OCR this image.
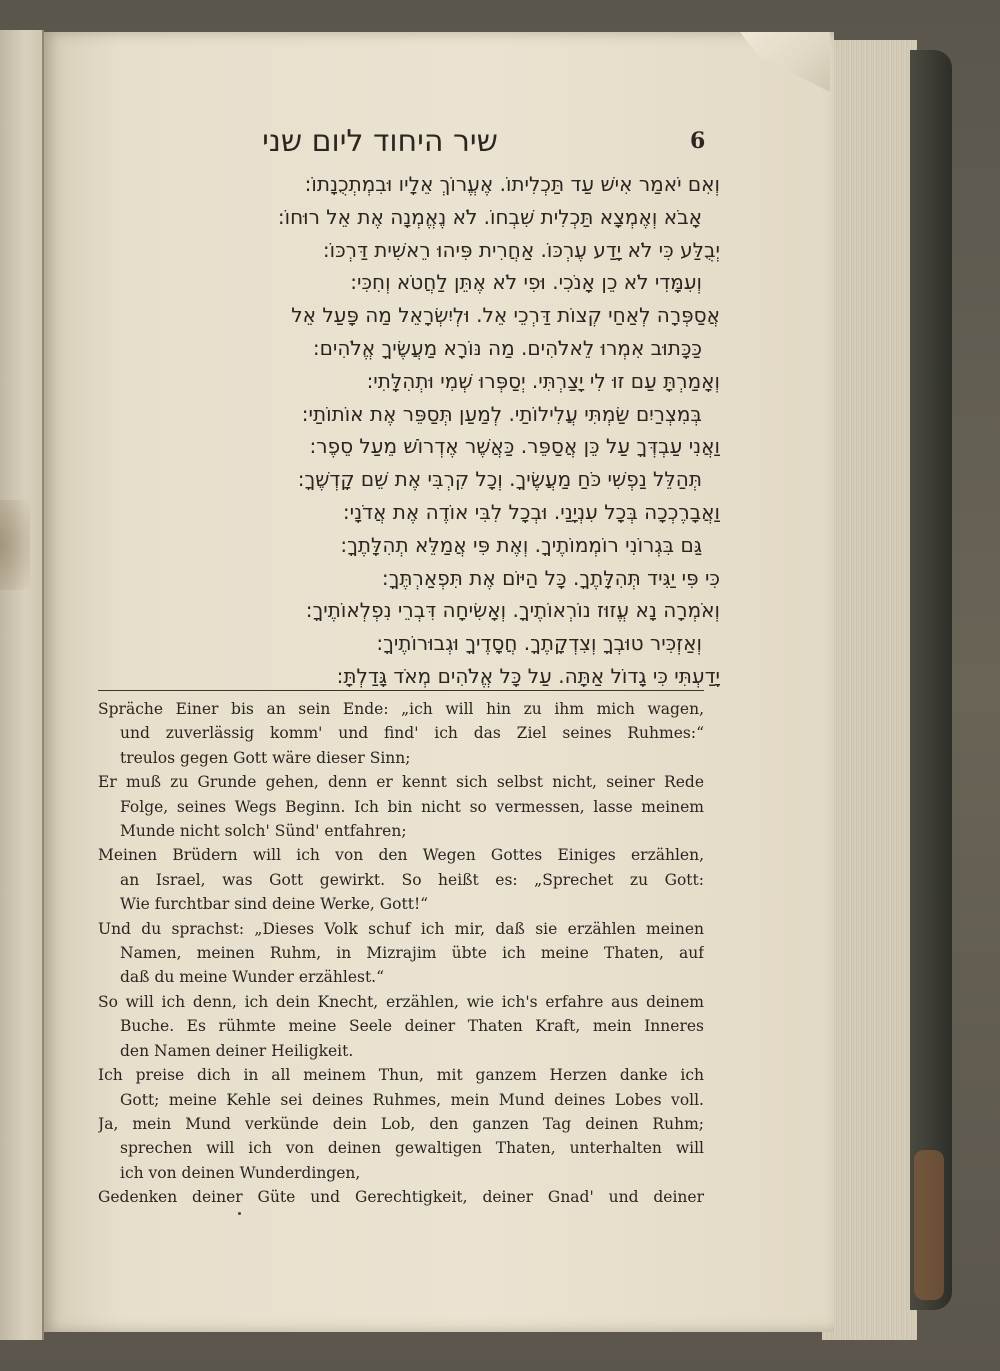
שיר היחוד ליום שני	6
וְאִם יֹאמַר אִישׁ עַד תַּכְלִיתוֹ. אֶעֱרוֹךְ אֵלָיו וּבִמְתְכֻנָתוֹ:
אָבֹא וְאֶמְצָא תַּכְלִית שִׁבְחוֹ. לֹא נֶאֱמְנָה אֶת אֵל רוּחוֹ:
יְבֻלַּע כִּי לֹא יָדַע עֶרְכּוֹ. אַחֲרִית פִּיהוּ רֵאשִׁית דַּרְכּוֹ:
וְעִמָּדִי לֹא כֵן אָנֹכִי. וּפִי לֹא אֶתֵּן לַחֲטֹא וְחִכִּי:
אֲסַפְּרָה לְאַחַי קְצוֹת דַּרְכֵי אֵל. וּלְיִשְׂרָאֵל מַה פָּעַל אֵל
כַּכָּתוּב אִמְרוּ לֵאלֹהִים. מַה נּוֹרָא מַעֲשֶׂיךָ אֱלֹהִים:
וְאָמַרְתָּ עַם זוּ לִי יָצַרְתִּי. יְסַפְּרוּ שְׁמִי וּתְהִלָּתִי:
בְּמִצְרַיִם שַׂמְתִּי עֲלִילוֹתַי. לְמַעַן תְּסַפֵּר אֶת אוֹתוֹתַי:
וַאֲנִי עַבְדְּךָ עַל כֵּן אֲסַפֵּר. כַּאֲשֶׁר אֶדְרוֹשׁ מֵעַל סֵפֶר:
תְּהַלֵּל נַפְשִׁי כֹּחַ מַעֲשֶׂיךָ. וְכָל קִרְבִּי אֶת שֵׁם קָדְשֶׁךָ:
וַאֲבָרֶכְכָה בְּכָל עִנְיָנַי. וּבְכָל לִבִּי אוֹדֶה אֶת אֲדֹנָי:
גַּם בִּגְרוֹנִי רוֹמְמוֹתֶיךָ. וְאֶת פִּי אֲמַלֵּא תְהִלָּתֶךָ:
כִּי פִּי יַגִּיד תְּהִלָּתֶךָ. כָּל הַיּוֹם אֶת תִּפְאַרְתֶּךָ:
וְאֹמְרָה נָא עֱזוּז נוֹרְאוֹתֶיךָ. וְאָשִׂיחָה דִּבְרֵי נִפְלְאוֹתֶיךָ:
וְאַזְכִּיר טוּבְךָ וְצִדְקָתֶךָ. חֲסָדֶיךָ וּגְבוּרוֹתֶיךָ:
יָדַעְתִּי כִּי גָדוֹל אַתָּה. עַל כָּל אֱלֹהִים מְאֹד גָּדַלְתָּ:
Spräche Einer bis an sein Ende: „ich will hin zu ihm mich wagen,
und zuverlässig komm' und find' ich das Ziel seines Ruhmes:“
treulos gegen Gott wäre dieser Sinn;
Er muß zu Grunde gehen, denn er kennt sich selbst nicht, seiner Rede
Folge, seines Wegs Beginn. Ich bin nicht so vermessen, lasse meinem
Munde nicht solch' Sünd' entfahren;
Meinen Brüdern will ich von den Wegen Gottes Einiges erzählen,
an Israel, was Gott gewirkt. So heißt es: „Sprechet zu Gott:
Wie furchtbar sind deine Werke, Gott!“
Und du sprachst: „Dieses Volk schuf ich mir, daß sie erzählen meinen
Namen, meinen Ruhm, in Mizrajim übte ich meine Thaten, auf
daß du meine Wunder erzählest.“
So will ich denn, ich dein Knecht, erzählen, wie ich's erfahre aus deinem
Buche. Es rühmte meine Seele deiner Thaten Kraft, mein Inneres
den Namen deiner Heiligkeit.
Ich preise dich in all meinem Thun, mit ganzem Herzen danke ich
Gott; meine Kehle sei deines Ruhmes, mein Mund deines Lobes voll.
Ja, mein Mund verkünde dein Lob, den ganzen Tag deinen Ruhm;
sprechen will ich von deinen gewaltigen Thaten, unterhalten will
ich von deinen Wunderdingen,
Gedenken deiner Güte und Gerechtigkeit, deiner Gnad' und deiner
